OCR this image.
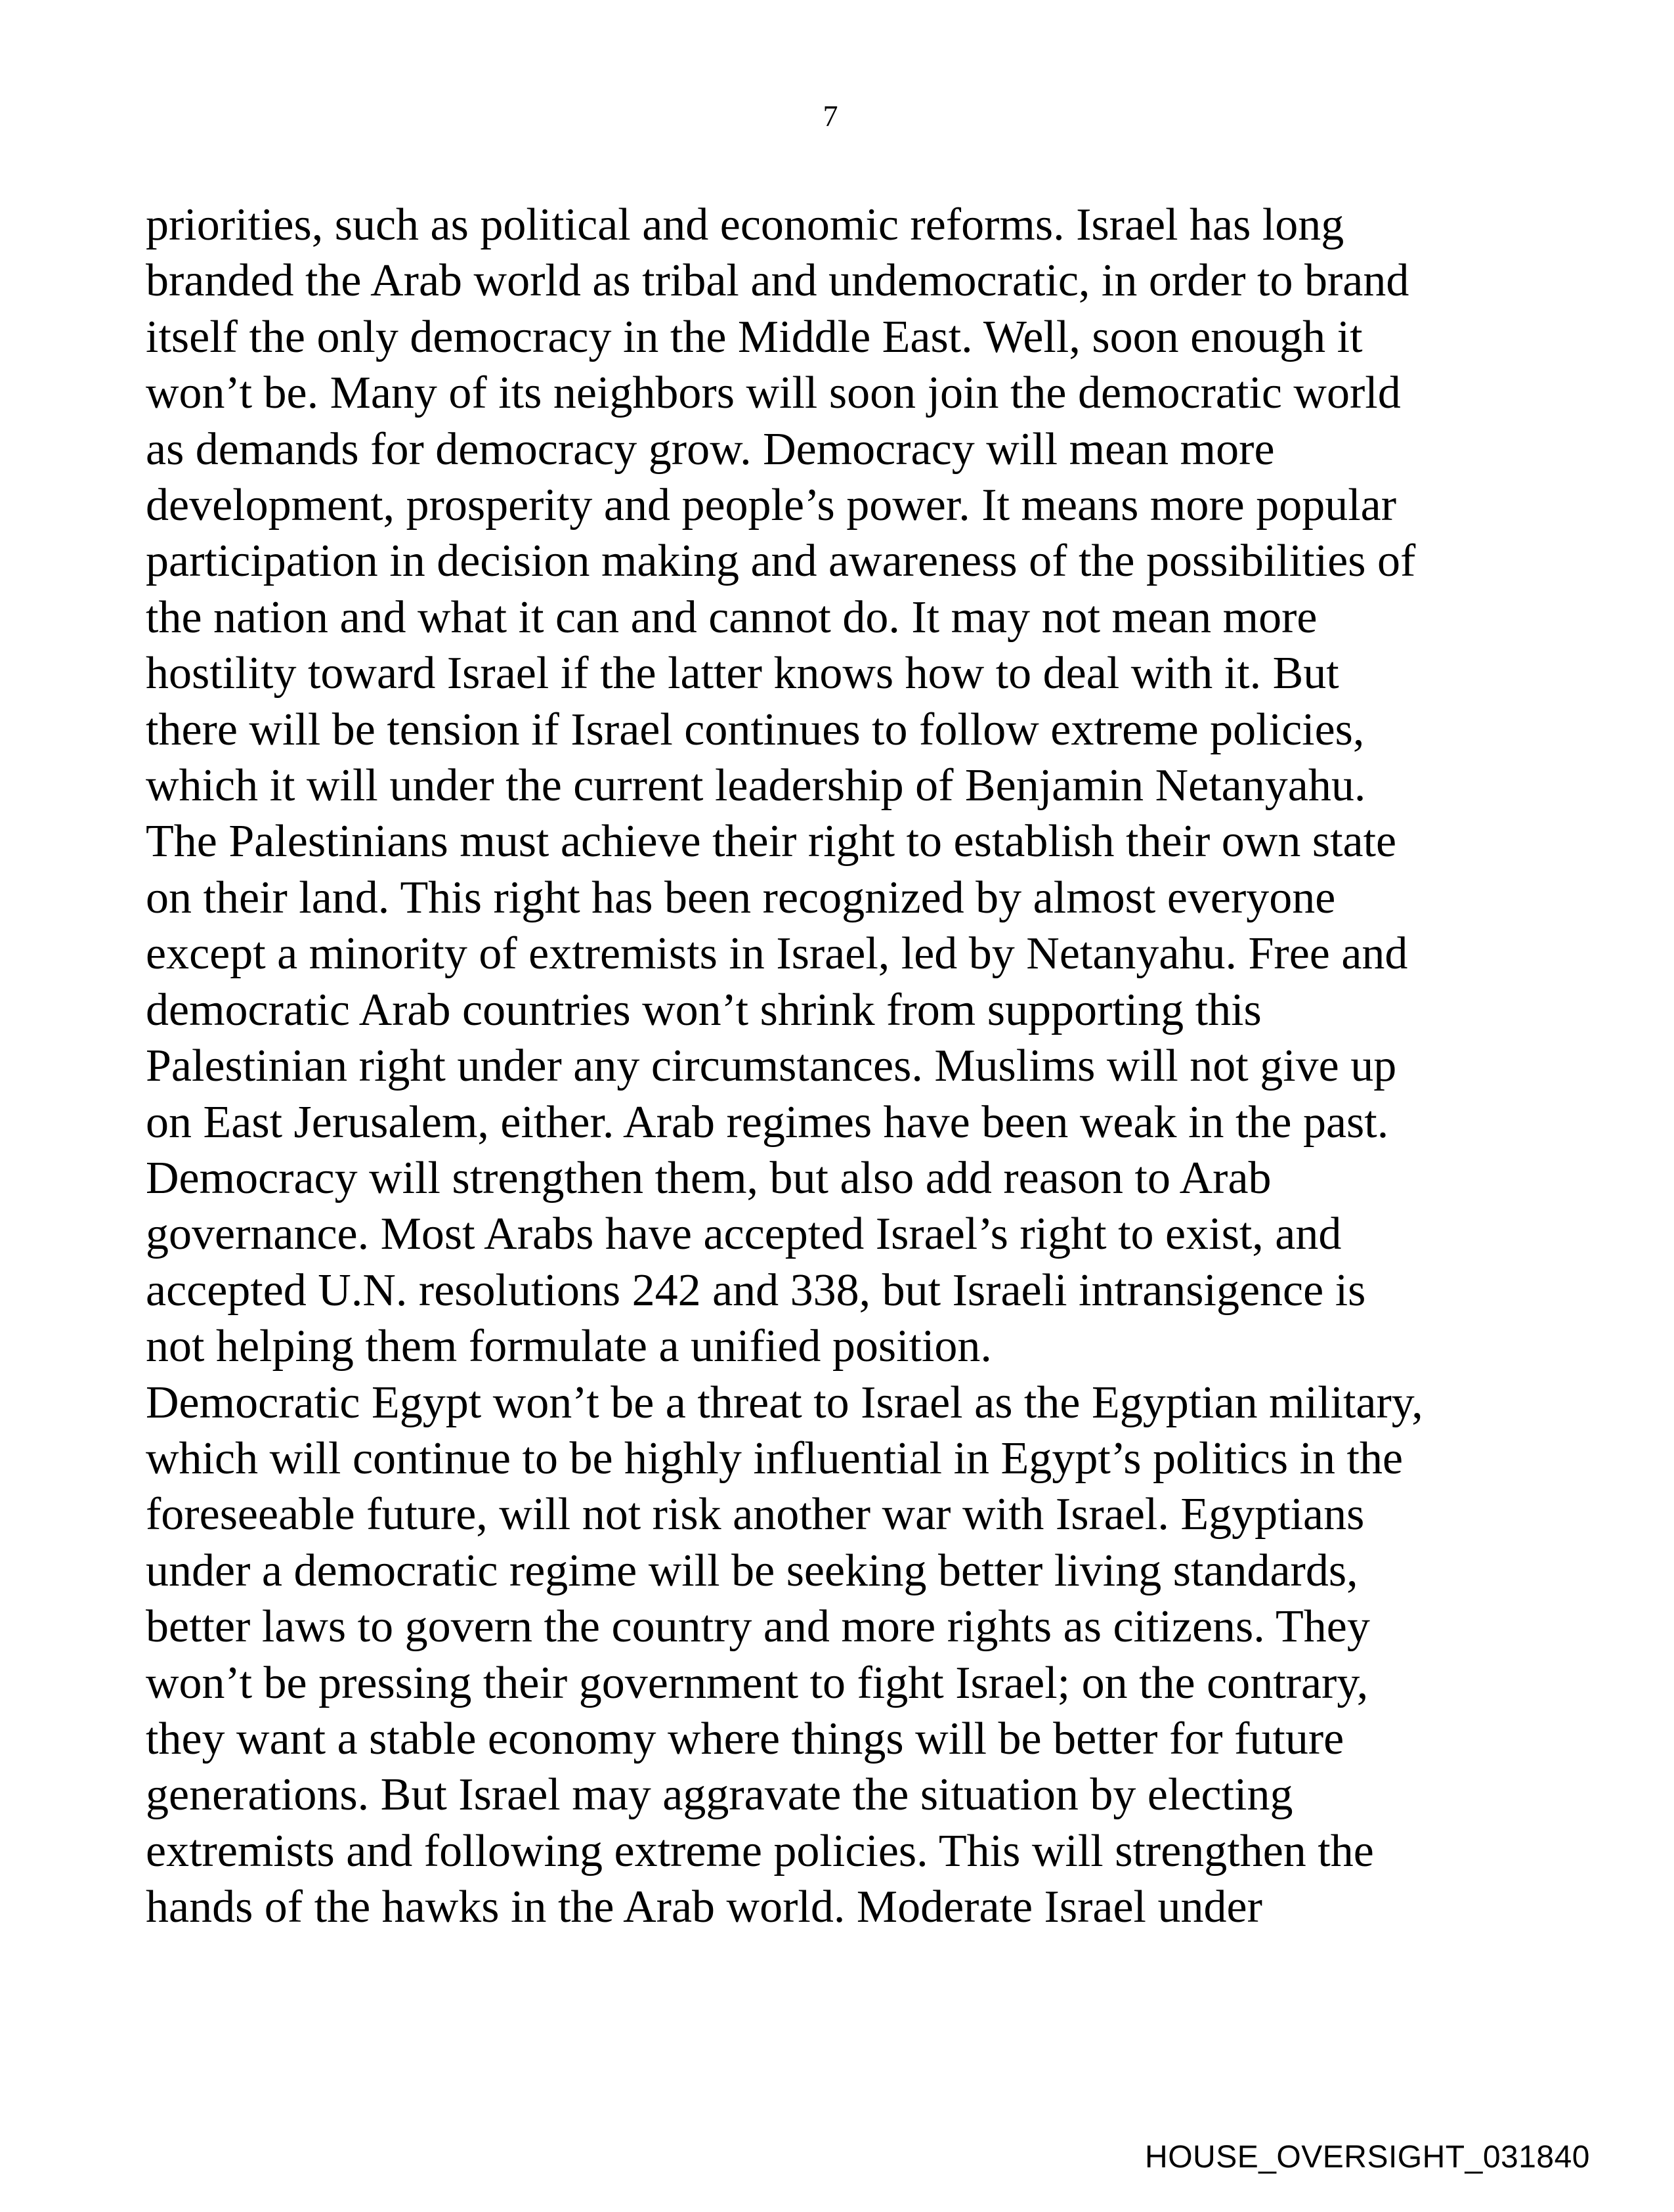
7
priorities, such as political and economic reforms. Israel has long
branded the Arab world as tribal and undemocratic, in order to brand
itself the only democracy in the Middle East. Well, soon enough it
won’t be. Many of its neighbors will soon join the democratic world
as demands for democracy grow. Democracy will mean more
development, prosperity and people’s power. It means more popular
participation in decision making and awareness of the possibilities of
the nation and what it can and cannot do. It may not mean more
hostility toward Israel if the latter knows how to deal with it. But
there will be tension if Israel continues to follow extreme policies,
which it will under the current leadership of Benjamin Netanyahu.
The Palestinians must achieve their right to establish their own state
on their land. This right has been recognized by almost everyone
except a minority of extremists in Israel, led by Netanyahu. Free and
democratic Arab countries won’t shrink from supporting this
Palestinian right under any circumstances. Muslims will not give up
on East Jerusalem, either. Arab regimes have been weak in the past.
Democracy will strengthen them, but also add reason to Arab
governance. Most Arabs have accepted Israel’s right to exist, and
accepted U.N. resolutions 242 and 338, but Israeli intransigence is
not helping them formulate a unified position.
Democratic Egypt won’t be a threat to Israel as the Egyptian military,
which will continue to be highly influential in Egypt’s politics in the
foreseeable future, will not risk another war with Israel. Egyptians
under a democratic regime will be seeking better living standards,
better laws to govern the country and more rights as citizens. They
won’t be pressing their government to fight Israel; on the contrary,
they want a stable economy where things will be better for future
generations. But Israel may aggravate the situation by electing
extremists and following extreme policies. This will strengthen the
hands of the hawks in the Arab world. Moderate Israel under
HOUSE_OVERSIGHT_031840
